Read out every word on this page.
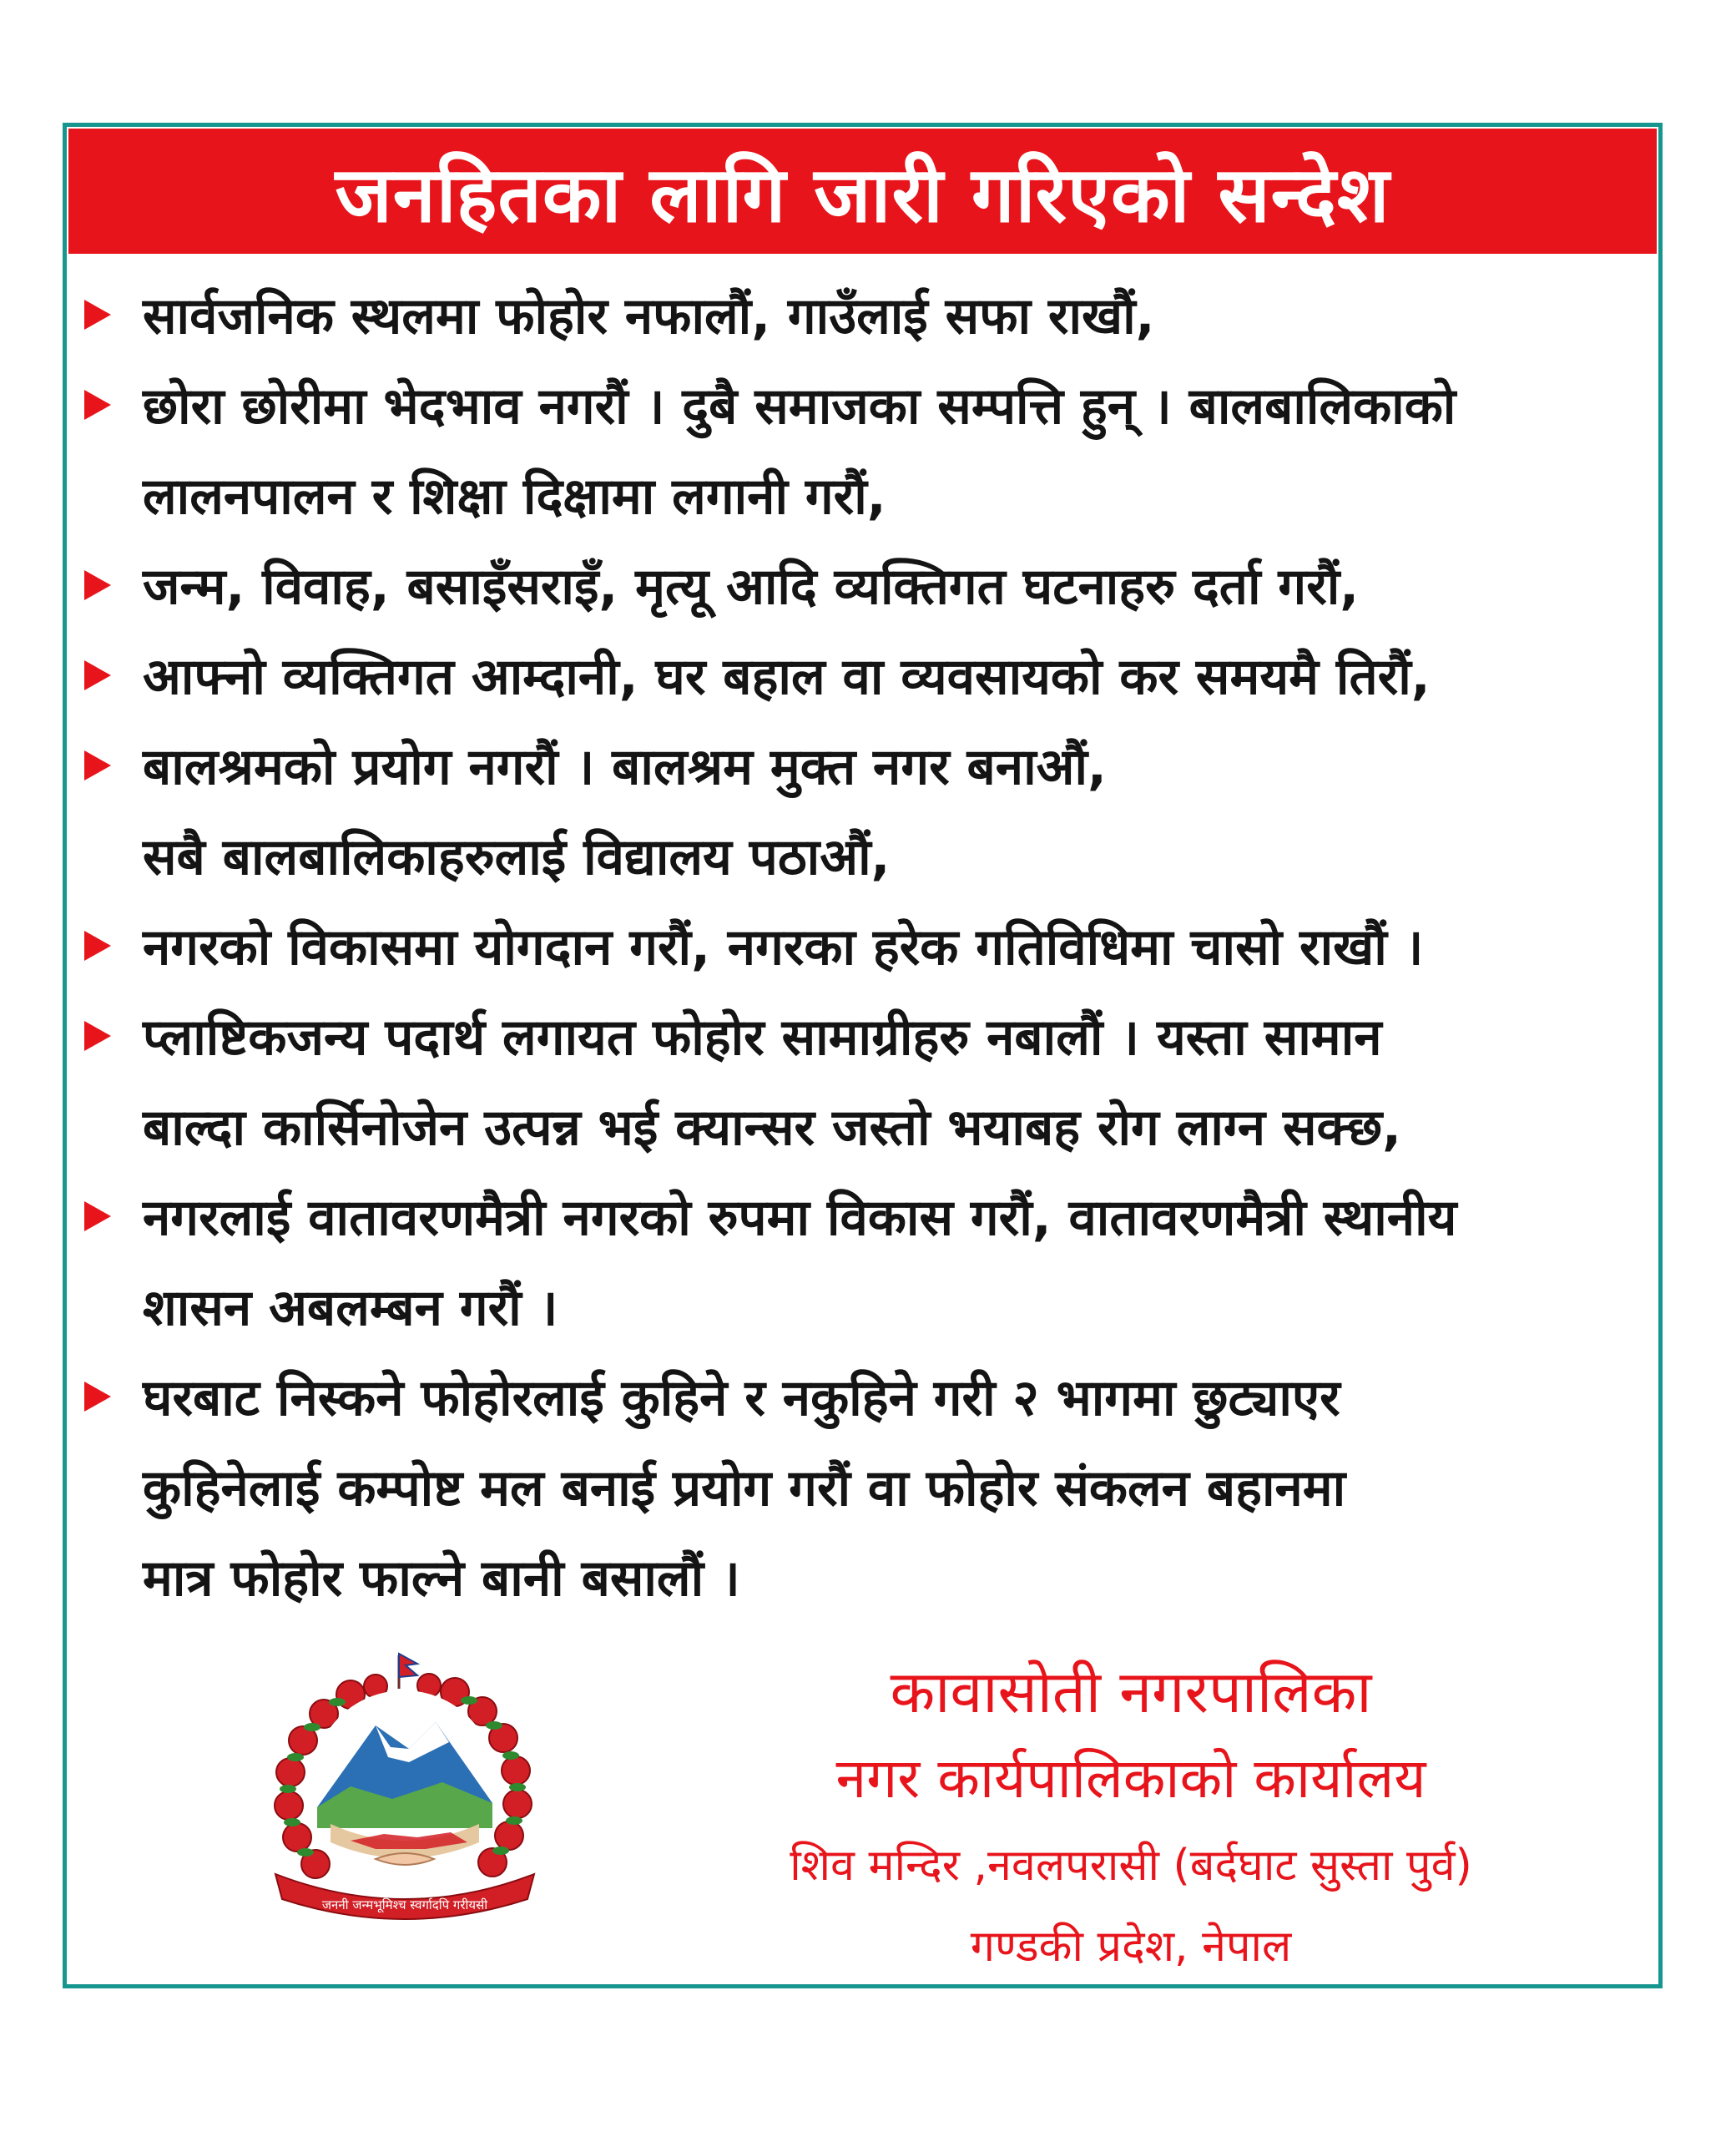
जनहितका लागि जारी गरिएको सन्देश
सार्वजनिक स्थलमा फोहोर नफालौं, गाउँलाई सफा राखौं,
छोरा छोरीमा भेदभाव नगरौं । दुबै समाजका सम्पत्ति हुन् । बालबालिकाको
लालनपालन र शिक्षा दिक्षामा लगानी गरौं,
जन्म, विवाह, बसाइँसराइँ, मृत्यू आदि व्यक्तिगत घटनाहरु दर्ता गरौं,
आफ्नो व्यक्तिगत आम्दानी, घर बहाल वा व्यवसायको कर समयमै तिरौं,
बालश्रमको प्रयोग नगरौं । बालश्रम मुक्त नगर बनाऔं,
सबै बालबालिकाहरुलाई विद्यालय पठाऔं,
नगरको विकासमा योगदान गरौं, नगरका हरेक गतिविधिमा चासो राखौं ।
प्लाष्टिकजन्य पदार्थ लगायत फोहोर सामाग्रीहरु नबालौं । यस्ता सामान
बाल्दा कार्सिनोजेन उत्पन्न भई क्यान्सर जस्तो भयाबह रोग लाग्न सक्छ,
नगरलाई वातावरणमैत्री नगरको रुपमा विकास गरौं, वातावरणमैत्री स्थानीय
शासन अबलम्बन गरौं ।
घरबाट निस्कने फोहोरलाई कुहिने र नकुहिने गरी २ भागमा छुट्याएर
कुहिनेलाई कम्पोष्ट मल बनाई प्रयोग गरौं वा फोहोर संकलन बहानमा
मात्र फोहोर फाल्ने बानी बसालौं ।
जननी जन्मभूमिश्च स्वर्गादपि गरीयसी
कावासोती नगरपालिका
नगर कार्यपालिकाको कार्यालय
शिव मन्दिर ,नवलपरासी (बर्दघाट सुस्ता पुर्व)
गण्डकी प्रदेश, नेपाल
